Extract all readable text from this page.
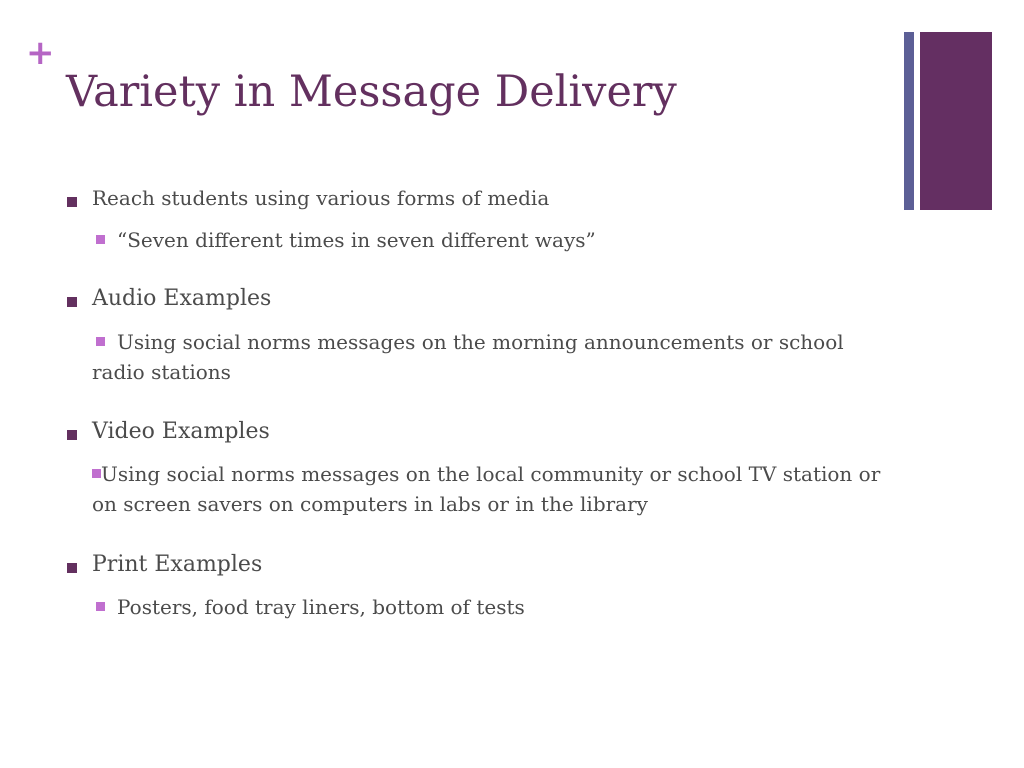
+
Variety in Message Delivery
Reach students using various forms of media
“Seven different times in seven different ways”
Audio Examples
Using social norms messages on the morning announcements or school radio stations
Video Examples
Using social norms messages on the local community or school TV station or on screen savers on computers in labs or in the library
Print Examples
Posters, food tray liners, bottom of tests
